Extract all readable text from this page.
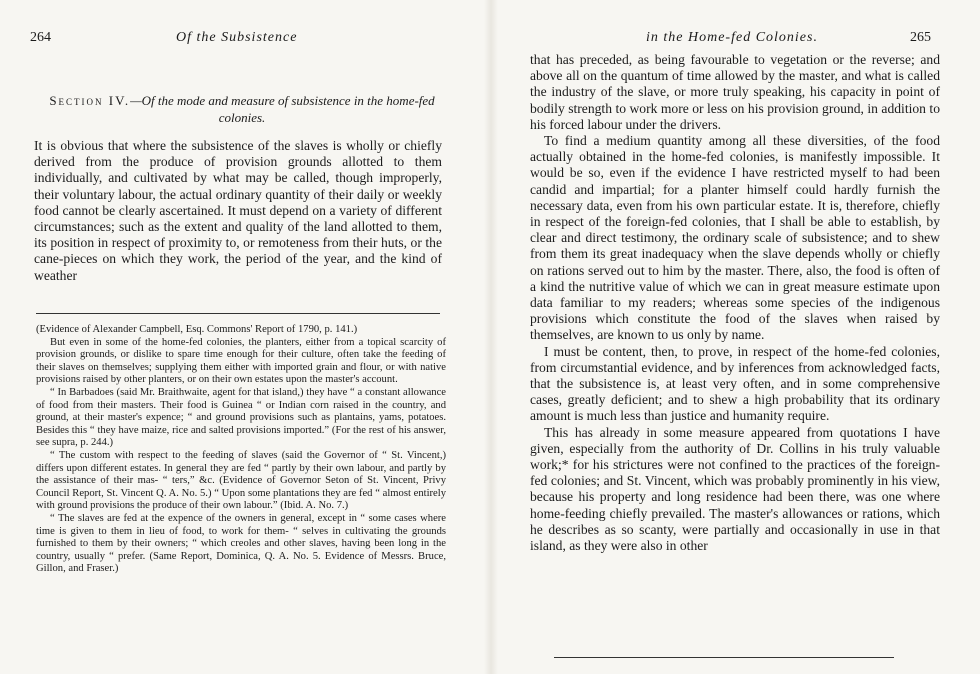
264	Of the Subsistence
Section IV.—Of the mode and measure of subsistence in the home-fed colonies.

It is obvious that where the subsistence of the slaves is wholly or chiefly derived from the produce of provision grounds allotted to them individually, and cultivated by what may be called, though improperly, their voluntary labour, the actual ordinary quantity of their daily or weekly food cannot be clearly ascertained. It must depend on a variety of different circumstances; such as the extent and quality of the land allotted to them, its position in respect of proximity to, or remoteness from their huts, or the cane-pieces on which they work, the period of the year, and the kind of weather

(Evidence of Alexander Campbell, Esq. Commons' Report of 1790, p. 141.)

But even in some of the home-fed colonies, the planters, either from a topical scarcity of provision grounds, or dislike to spare time enough for their culture, often take the feeding of their slaves on themselves; supplying them either with imported grain and flour, or with native provisions raised by other planters, or on their own estates upon the master's account.

“ In Barbadoes (said Mr. Braithwaite, agent for that island,) they have “ a constant allowance of food from their masters. Their food is Guinea “ or Indian corn raised in the country, and ground, at their master's expence; “ and ground provisions such as plantains, yams, potatoes. Besides this “ they have maize, rice and salted provisions imported.” (For the rest of his answer, see supra, p. 244.)

“ The custom with respect to the feeding of slaves (said the Governor of “ St. Vincent,) differs upon different estates. In general they are fed “ partly by their own labour, and partly by the assistance of their mas- “ ters,” &c. (Evidence of Governor Seton of St. Vincent, Privy Council Report, St. Vincent Q. A. No. 5.) “ Upon some plantations they are fed “ almost entirely with ground provisions the produce of their own labour.” (Ibid. A. No. 7.)

“ The slaves are fed at the expence of the owners in general, except in “ some cases where time is given to them in lieu of food, to work for them- “ selves in cultivating the grounds furnished to them by their owners; “ which creoles and other slaves, having been long in the country, usually “ prefer. (Same Report, Dominica, Q. A. No. 5. Evidence of Messrs. Bruce, Gillon, and Fraser.)

in the Home-fed Colonies.	265

that has preceded, as being favourable to vegetation or the reverse; and above all on the quantum of time allowed by the master, and what is called the industry of the slave, or more truly speaking, his capacity in point of bodily strength to work more or less on his provision ground, in addition to his forced labour under the drivers.

To find a medium quantity among all these diversities, of the food actually obtained in the home-fed colonies, is manifestly impossible. It would be so, even if the evidence I have restricted myself to had been candid and impartial; for a planter himself could hardly furnish the necessary data, even from his own particular estate. It is, therefore, chiefly in respect of the foreign-fed colonies, that I shall be able to establish, by clear and direct testimony, the ordinary scale of subsistence; and to shew from them its great inadequacy when the slave depends wholly or chiefly on rations served out to him by the master. There, also, the food is often of a kind the nutritive value of which we can in great measure estimate upon data familiar to my readers; whereas some species of the indigenous provisions which constitute the food of the slaves when raised by themselves, are known to us only by name.

I must be content, then, to prove, in respect of the home-fed colonies, from circumstantial evidence, and by inferences from acknowledged facts, that the subsistence is, at least very often, and in some comprehensive cases, greatly deficient; and to shew a high probability that its ordinary amount is much less than justice and humanity require.

This has already in some measure appeared from quotations I have given, especially from the authority of Dr. Collins in his truly valuable work;* for his strictures were not confined to the practices of the foreign-fed colonies; and St. Vincent, which was probably prominently in his view, because his property and long residence had been there, was one where home-feeding chiefly prevailed. The master's allowances or rations, which he describes as so scanty, were partially and occasionally in use in that island, as they were also in other
